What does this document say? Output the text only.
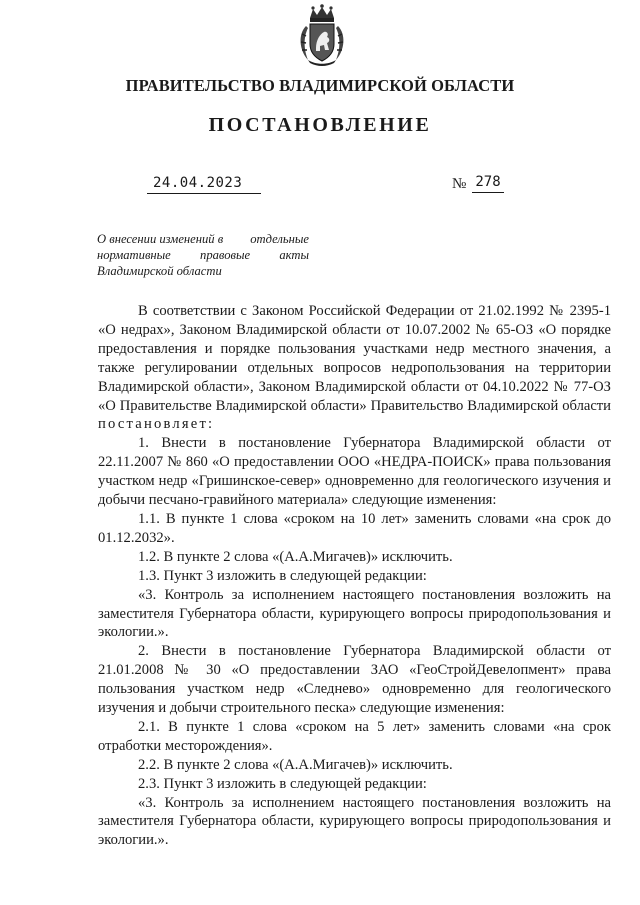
ПРАВИТЕЛЬСТВО ВЛАДИМИРСКОЙ ОБЛАСТИ
ПОСТАНОВЛЕНИЕ
24.04.2023	№ 278
О внесении изменений в отдельные
нормативные правовые акты
Владимирской области

В соответствии с Законом Российской Федерации от 21.02.1992 № 2395-1 «О недрах», Законом Владимирской области от 10.07.2002 № 65-ОЗ «О порядке предоставления и порядке пользования участками недр местного значения, а также регулировании отдельных вопросов недропользования на территории Владимирской области», Законом Владимирской области от 04.10.2022 № 77-ОЗ «О Правительстве Владимирской области» Правительство Владимирской области постановляет:

1. Внести в постановление Губернатора Владимирской области от 22.11.2007 № 860 «О предоставлении ООО «НЕДРА-ПОИСК» права пользования участком недр «Гришинское-север» одновременно для геологического изучения и добычи песчано-гравийного материала» следующие изменения:

1.1. В пункте 1 слова «сроком на 10 лет» заменить словами «на срок до 01.12.2032».

1.2. В пункте 2 слова «(А.А.Мигачев)» исключить.

1.3. Пункт 3 изложить в следующей редакции:

«3. Контроль за исполнением настоящего постановления возложить на заместителя Губернатора области, курирующего вопросы природопользования и экологии.».

2. Внести в постановление Губернатора Владимирской области от 21.01.2008 № 30 «О предоставлении ЗАО «ГеоСтройДевелопмент» права пользования участком недр «Следнево» одновременно для геологического изучения и добычи строительного песка» следующие изменения:

2.1. В пункте 1 слова «сроком на 5 лет» заменить словами «на срок отработки месторождения».

2.2. В пункте 2 слова «(А.А.Мигачев)» исключить.

2.3. Пункт 3 изложить в следующей редакции:

«3. Контроль за исполнением настоящего постановления возложить на заместителя Губернатора области, курирующего вопросы природопользования и экологии.».
